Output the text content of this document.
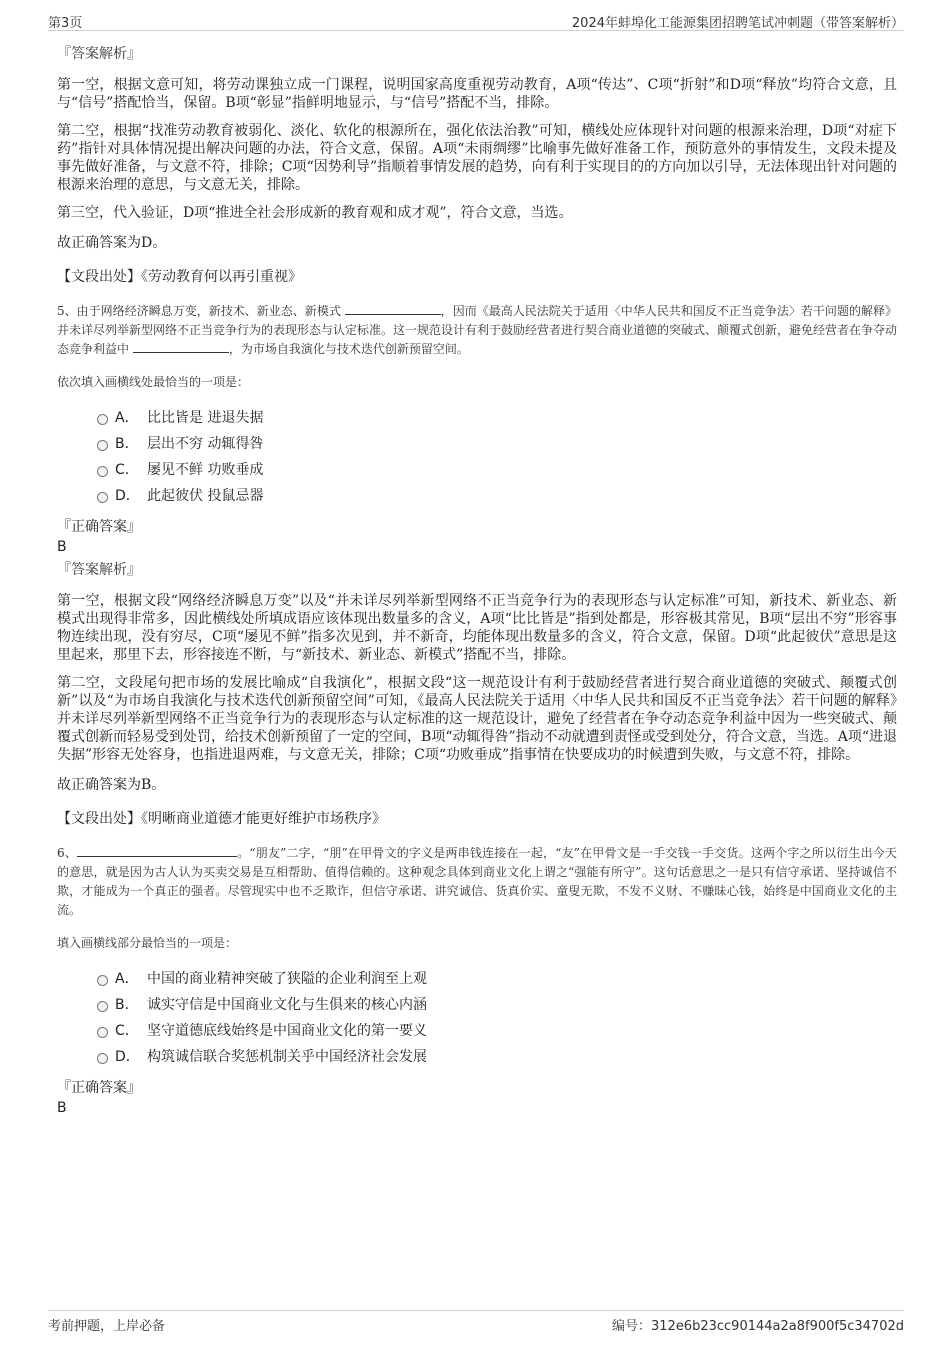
第3页	2024年蚌埠化工能源集团招聘笔试冲刺题（带答案解析）
『答案解析』

第一空，根据文意可知，将劳动课独立成一门课程，说明国家高度重视劳动教育，A项“传达”、C项“折射”和D项“释放”均符合文意，且与“信号”搭配恰当，保留。B项“彰显”指鲜明地显示，与“信号”搭配不当，排除。

第二空，根据“找准劳动教育被弱化、淡化、软化的根源所在，强化依法治教”可知，横线处应体现针对问题的根源来治理，D项“对症下药”指针对具体情况提出解决问题的办法，符合文意，保留。A项“未雨绸缪”比喻事先做好准备工作，预防意外的事情发生，文段未提及事先做好准备，与文意不符，排除；C项“因势利导”指顺着事情发展的趋势，向有利于实现目的的方向加以引导，无法体现出针对问题的根源来治理的意思，与文意无关，排除。

第三空，代入验证，D项“推进全社会形成新的教育观和成才观”，符合文意，当选。

故正确答案为D。

【文段出处】《劳动教育何以再引重视》

5、由于网络经济瞬息万变，新技术、新业态、新模式	，因而《最高人民法院关于适用〈中华人民共和国反不正当竞争法〉若干问题的解释》并未详尽列举新型网络不正当竞争行为的表现形态与认定标准。这一规范设计有利于鼓励经营者进行契合商业道德的突破式、颠覆式创新，避免经营者在争夺动态竞争利益中	，为市场自我演化与技术迭代创新预留空间。

依次填入画横线处最恰当的一项是：

A． 比比皆是 进退失据
B． 层出不穷 动辄得咎
C． 屡见不鲜 功败垂成
D． 此起彼伏 投鼠忌器
『正确答案』
B
『答案解析』

第一空，根据文段“网络经济瞬息万变”以及“并未详尽列举新型网络不正当竞争行为的表现形态与认定标准”可知，新技术、新业态、新模式出现得非常多，因此横线处所填成语应该体现出数量多的含义，A项“比比皆是”指到处都是，形容极其常见，B项“层出不穷”形容事物连续出现，没有穷尽，C项“屡见不鲜”指多次见到，并不新奇，均能体现出数量多的含义，符合文意，保留。D项“此起彼伏”意思是这里起来，那里下去，形容接连不断，与“新技术、新业态、新模式”搭配不当，排除。

第二空，文段尾句把市场的发展比喻成“自我演化”，根据文段“这一规范设计有利于鼓励经营者进行契合商业道德的突破式、颠覆式创新”以及“为市场自我演化与技术迭代创新预留空间”可知，《最高人民法院关于适用〈中华人民共和国反不正当竞争法〉若干问题的解释》并未详尽列举新型网络不正当竞争行为的表现形态与认定标准的这一规范设计，避免了经营者在争夺动态竞争利益中因为一些突破式、颠覆式创新而轻易受到处罚，给技术创新预留了一定的空间，B项“动辄得咎”指动不动就遭到责怪或受到处分，符合文意，当选。A项“进退失据”形容无处容身，也指进退两难，与文意无关，排除；C项“功败垂成”指事情在快要成功的时候遭到失败，与文意不符，排除。

故正确答案为B。

【文段出处】《明晰商业道德才能更好维护市场秩序》

6、	。“朋友”二字，“朋”在甲骨文的字义是两串钱连接在一起，“友”在甲骨文是一手交钱一手交货。这两个字之所以衍生出今天的意思，就是因为古人认为买卖交易是互相帮助、值得信赖的。这种观念具体到商业文化上谓之“强能有所守”。这句话意思之一是只有信守承诺、坚持诚信不欺，才能成为一个真正的强者。尽管现实中也不乏欺诈，但信守承诺、讲究诚信、货真价实、童叟无欺，不发不义财、不赚昧心钱，始终是中国商业文化的主流。

填入画横线部分最恰当的一项是：

A． 中国的商业精神突破了狭隘的企业利润至上观
B． 诚实守信是中国商业文化与生俱来的核心内涵
C． 坚守道德底线始终是中国商业文化的第一要义
D． 构筑诚信联合奖惩机制关乎中国经济社会发展
『正确答案』
B
考前押题，上岸必备	编号：312e6b23cc90144a2a8f900f5c34702d
